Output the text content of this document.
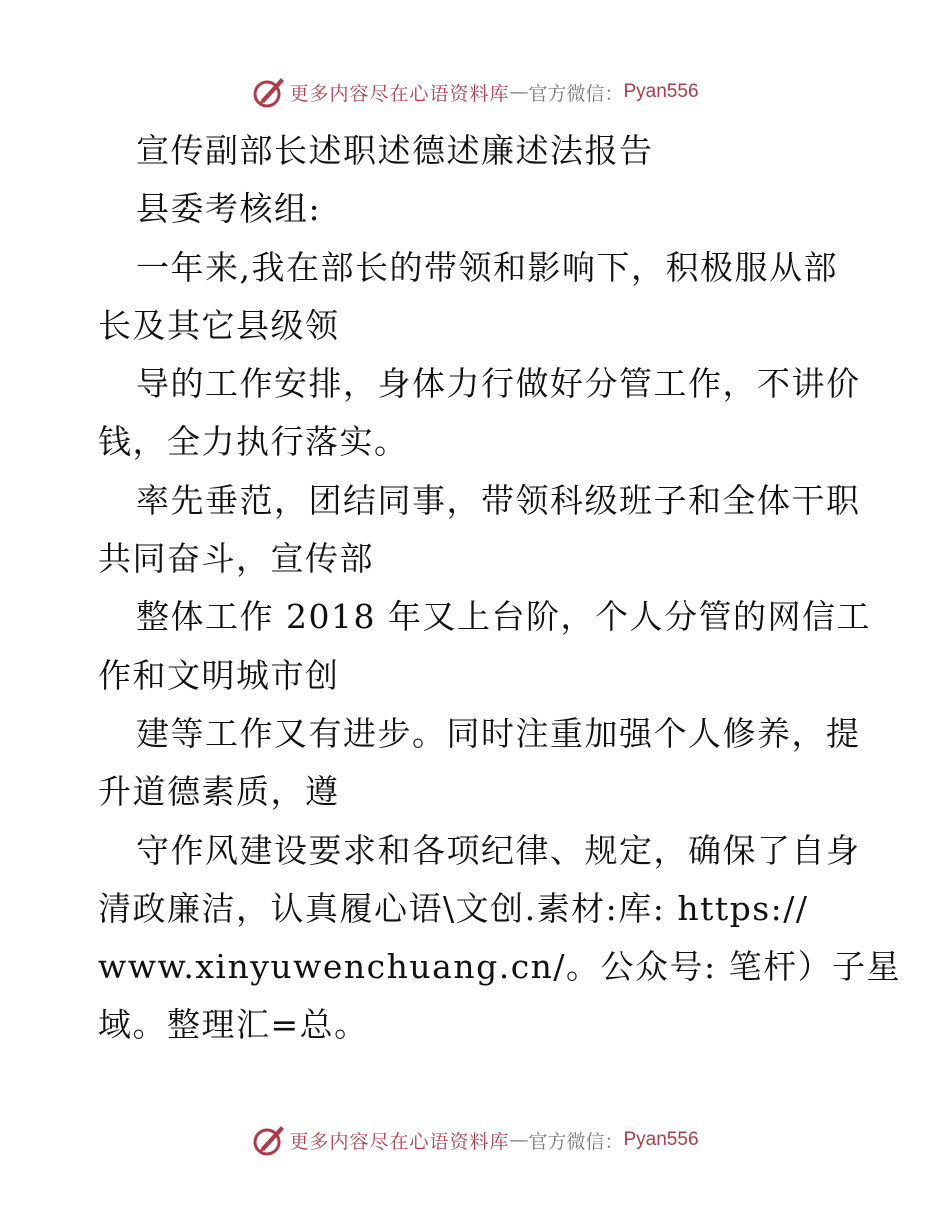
更多内容尽在心语资料库 — 官方微信： Pyan556
宣传副部长述职述德述廉述法报告
县委考核组:
一年来,我在部长的带领和影响下，积极服从部
长及其它县级领
导的工作安排，身体力行做好分管工作，不讲价
钱，全力执行落实。
率先垂范，团结同事，带领科级班子和全体干职
共同奋斗，宣传部
整体工作 2018 年又上台阶，个人分管的网信工
作和文明城市创
建等工作又有进步。同时注重加强个人修养，提
升道德素质，遵
守作风建设要求和各项纪律、规定，确保了自身
清政廉洁，认真履心语\文创.素材:库: https://
www.xinyuwenchuang.cn/。公众号: 笔杆）子星
域。整理汇=总。
更多内容尽在心语资料库 — 官方微信： Pyan556
